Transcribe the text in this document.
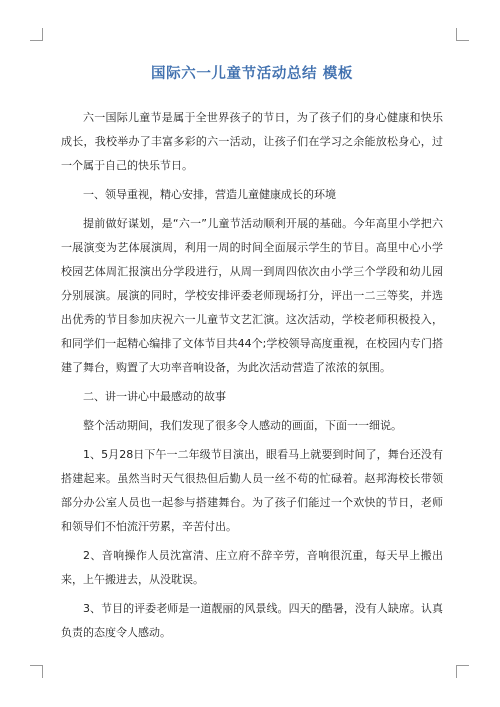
国际六一儿童节活动总结 模板

六一国际儿童节是属于全世界孩子的节日，为了孩子们的身心健康和快乐成长，我校举办了丰富多彩的六一活动，让孩子们在学习之余能放松身心，过一个属于自己的快乐节日。

一、领导重视，精心安排，营造儿童健康成长的环境

提前做好谋划，是“六一”儿童节活动顺利开展的基础。今年高里小学把六一展演变为艺体展演周，利用一周的时间全面展示学生的节目。高里中心小学校园艺体周汇报演出分学段进行，从周一到周四依次由小学三个学段和幼儿园分别展演。展演的同时，学校安排评委老师现场打分，评出一二三等奖，并选出优秀的节目参加庆祝六一儿童节文艺汇演。这次活动，学校老师积极投入，和同学们一起精心编排了文体节目共44个;学校领导高度重视，在校园内专门搭建了舞台，购置了大功率音响设备，为此次活动营造了浓浓的氛围。

二、讲一讲心中最感动的故事

整个活动期间，我们发现了很多令人感动的画面，下面一一细说。

1、5月28日下午一二年级节目演出，眼看马上就要到时间了，舞台还没有搭建起来。虽然当时天气很热但后勤人员一丝不苟的忙碌着。赵邦海校长带领部分办公室人员也一起参与搭建舞台。为了孩子们能过一个欢快的节日，老师和领导们不怕流汗劳累，辛苦付出。

2、音响操作人员沈富清、庄立府不辞辛劳，音响很沉重，每天早上搬出来，上午搬进去，从没耽误。

3、节目的评委老师是一道靓丽的风景线。四天的酷暑，没有人缺席。认真负责的态度令人感动。
